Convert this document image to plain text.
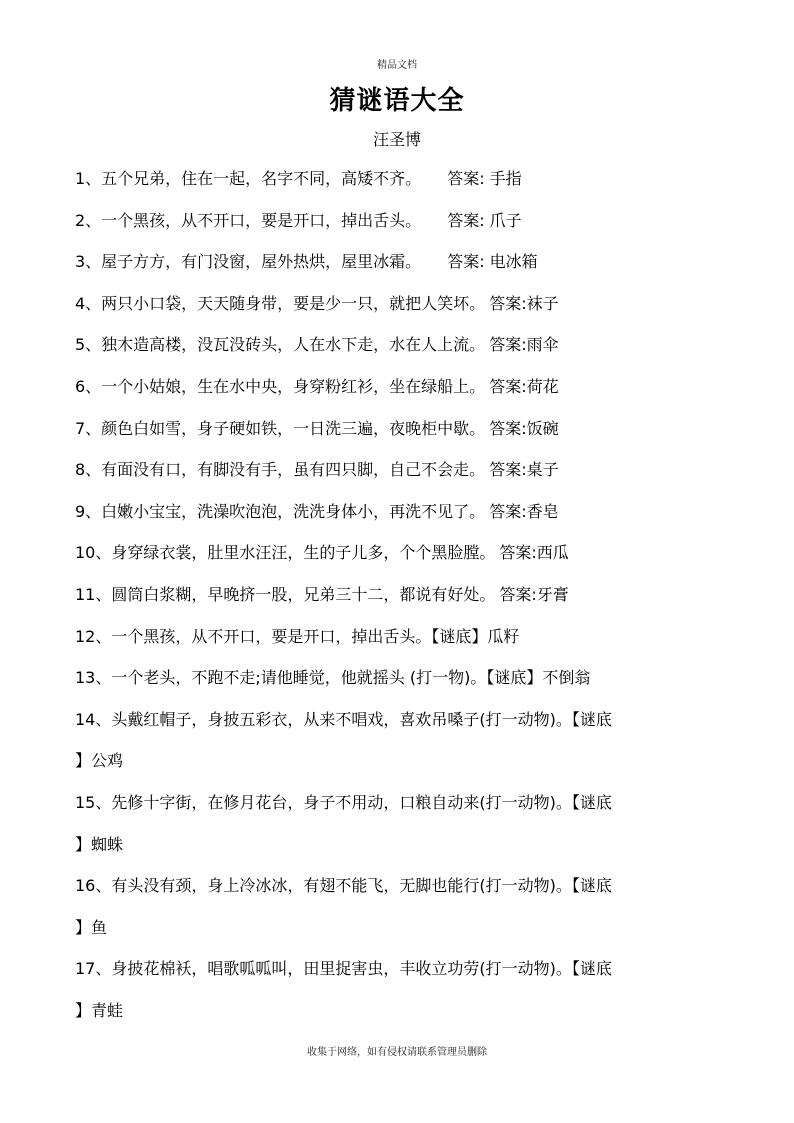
精品文档
猜谜语大全
汪圣博
1、五个兄弟，住在一起，名字不同，高矮不齐。 答案: 手指
2、一个黑孩，从不开口，要是开口，掉出舌头。 答案: 爪子
3、屋子方方，有门没窗，屋外热烘，屋里冰霜。 答案: 电冰箱
4、两只小口袋，天天随身带，要是少一只，就把人笑坏。 答案:袜子
5、独木造高楼，没瓦没砖头，人在水下走，水在人上流。 答案:雨伞
6、一个小姑娘，生在水中央，身穿粉红衫，坐在绿船上。 答案:荷花
7、颜色白如雪，身子硬如铁，一日洗三遍，夜晚柜中歇。 答案:饭碗
8、有面没有口，有脚没有手，虽有四只脚，自己不会走。 答案:桌子
9、白嫩小宝宝，洗澡吹泡泡，洗洗身体小，再洗不见了。 答案:香皂
10、身穿绿衣裳，肚里水汪汪，生的子儿多，个个黑脸膛。 答案:西瓜
11、圆筒白浆糊，早晚挤一股，兄弟三十二，都说有好处。 答案:牙膏
12、一个黑孩，从不开口，要是开口，掉出舌头。【谜底】瓜籽
13、一个老头，不跑不走;请他睡觉，他就摇头 (打一物)。【谜底】不倒翁
14、头戴红帽子，身披五彩衣，从来不唱戏，喜欢吊嗓子(打一动物)。【谜底
】公鸡
15、先修十字街，在修月花台，身子不用动，口粮自动来(打一动物)。【谜底
】蜘蛛
16、有头没有颈，身上冷冰冰，有翅不能飞，无脚也能行(打一动物)。【谜底
】鱼
17、身披花棉袄，唱歌呱呱叫，田里捉害虫，丰收立功劳(打一动物)。【谜底
】青蛙
收集于网络，如有侵权请联系管理员删除
